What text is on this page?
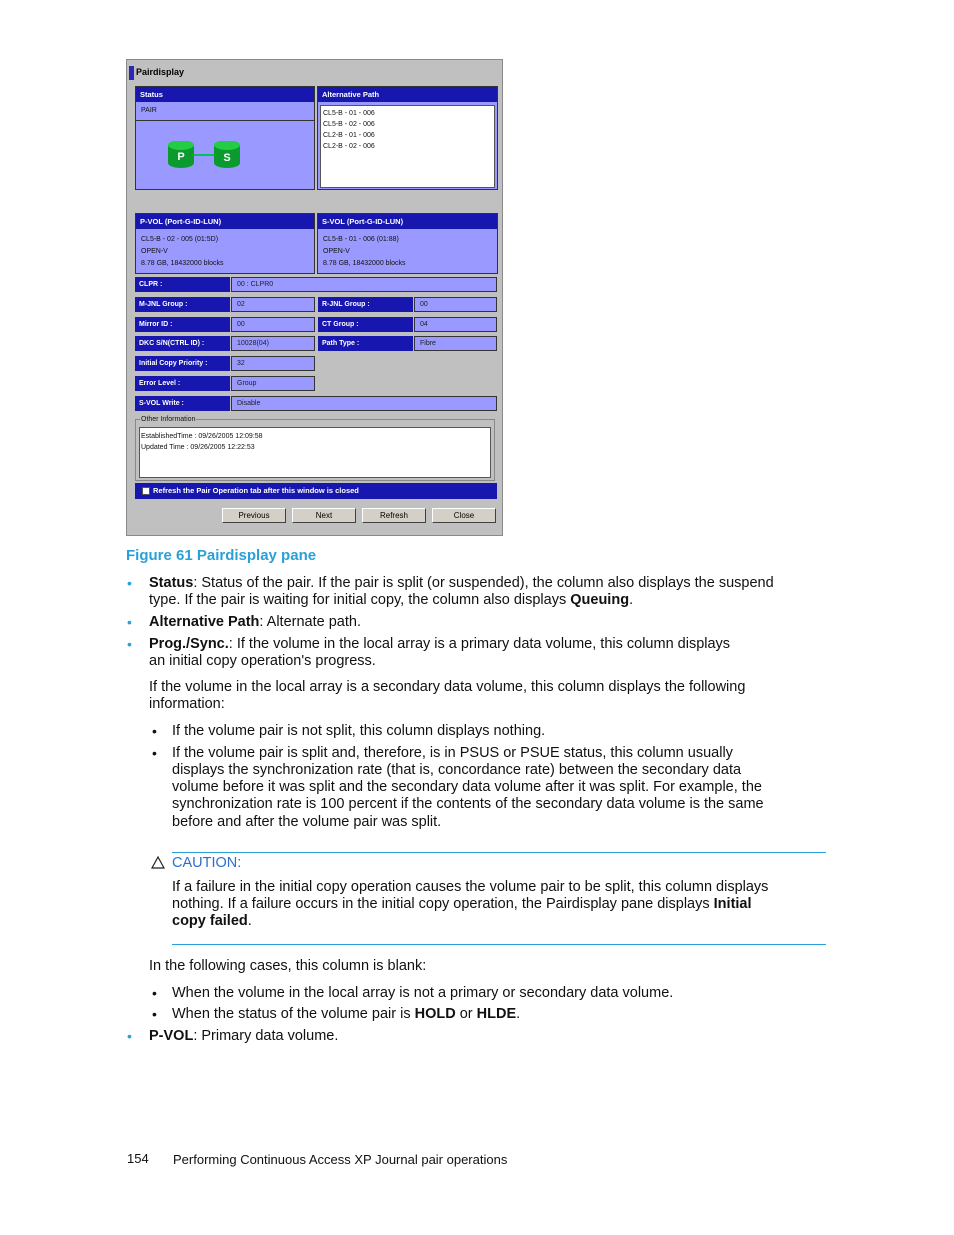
Pairdisplay
Status
PAIR
P	S
Alternative Path
CL5-B - 01 - 006
CL5-B - 02 - 006
CL2-B - 01 - 006
CL2-B - 02 - 006
P-VOL (Port-G-ID-LUN)
CL5-B - 02 - 005 (01:5D)
OPEN-V
8.78 GB, 18432000 blocks
S-VOL (Port-G-ID-LUN)
CL5-B - 01 - 006 (01:88)
OPEN-V
8.78 GB, 18432000 blocks
CLPR :	00 : CLPR0
M-JNL Group :	02	R-JNL Group :	00
Mirror ID :	00	CT Group :	04
DKC S/N(CTRL ID) :	10028(04)	Path Type :	Fibre
Initial Copy Priority :	32
Error Level :	Group
S-VOL Write :	Disable
Other Information
EstablishedTime : 09/26/2005 12:09:58
Updated Time : 09/26/2005 12:22:53
Refresh the Pair Operation tab after this window is closed
Previous	Next	Refresh	Close
Figure 61 Pairdisplay pane
• Status: Status of the pair. If the pair is split (or suspended), the column also displays the suspend
type. If the pair is waiting for initial copy, the column also displays Queuing.
• Alternative Path: Alternate path.
• Prog./Sync.: If the volume in the local array is a primary data volume, this column displays
an initial copy operation's progress.
If the volume in the local array is a secondary data volume, this column displays the following
information:
• If the volume pair is not split, this column displays nothing.
• If the volume pair is split and, therefore, is in PSUS or PSUE status, this column usually
displays the synchronization rate (that is, concordance rate) between the secondary data
volume before it was split and the secondary data volume after it was split. For example, the
synchronization rate is 100 percent if the contents of the secondary data volume is the same
before and after the volume pair was split.
CAUTION:
If a failure in the initial copy operation causes the volume pair to be split, this column displays
nothing. If a failure occurs in the initial copy operation, the Pairdisplay pane displays Initial
copy failed.
In the following cases, this column is blank:
• When the volume in the local array is not a primary or secondary data volume.
• When the status of the volume pair is HOLD or HLDE.
• P-VOL: Primary data volume.
154 Performing Continuous Access XP Journal pair operations
